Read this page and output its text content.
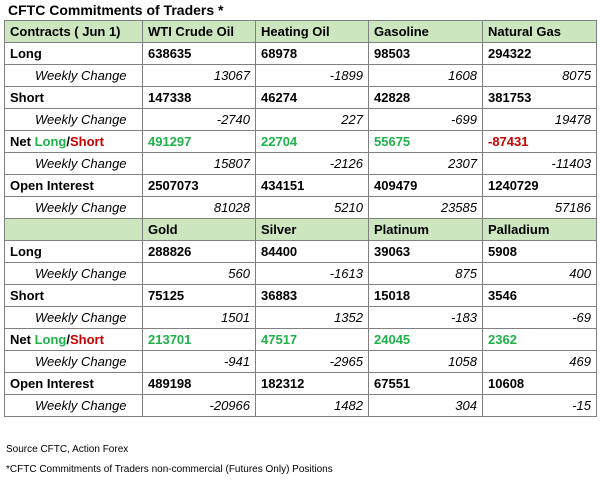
CFTC Commitments of Traders *
Contracts ( Jun 1)	WTI Crude Oil	Heating Oil	Gasoline	Natural Gas
Long	638635	68978	98503	294322
Weekly Change	13067	-1899	1608	8075
Short	147338	46274	42828	381753
Weekly Change	-2740	227	-699	19478
Net Long/Short	491297	22704	55675	-87431
Weekly Change	15807	-2126	2307	-11403
Open Interest	2507073	434151	409479	1240729
Weekly Change	81028	5210	23585	57186
	Gold	Silver	Platinum	Palladium
Long	288826	84400	39063	5908
Weekly Change	560	-1613	875	400
Short	75125	36883	15018	3546
Weekly Change	1501	1352	-183	-69
Net Long/Short	213701	47517	24045	2362
Weekly Change	-941	-2965	1058	469
Open Interest	489198	182312	67551	10608
Weekly Change	-20966	1482	304	-15
Source CFTC, Action Forex
*CFTC Commitments of Traders non-commercial (Futures Only) Positions
